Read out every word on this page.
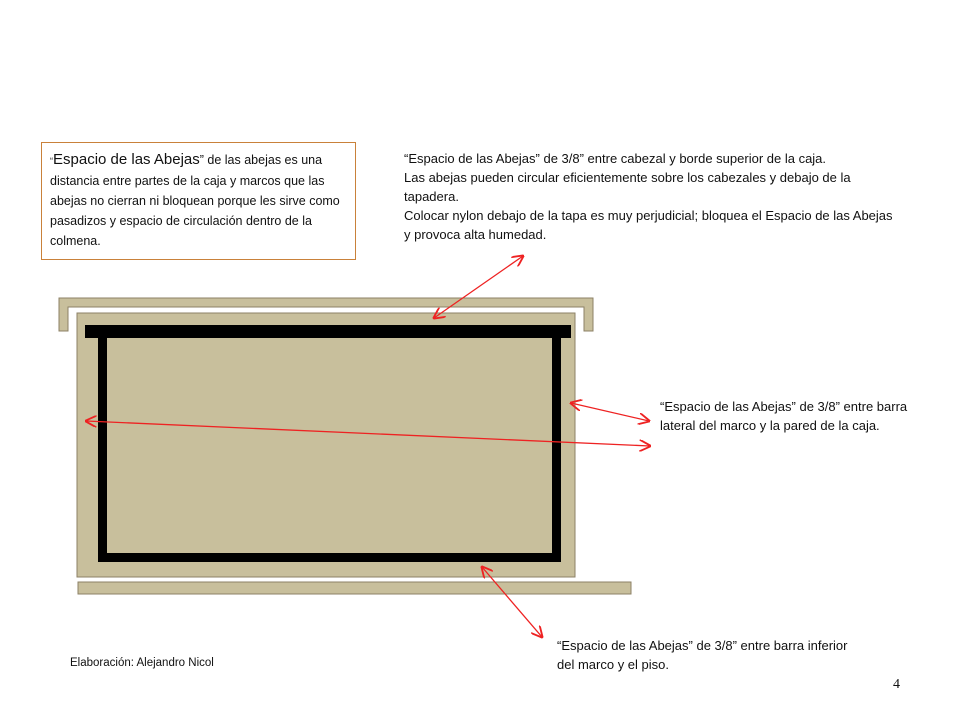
“Espacio de las Abejas” de las abejas es una distancia entre partes de la caja y marcos que las abejas no cierran ni bloquean porque les sirve como pasadizos y espacio de circulación dentro de la colmena.
“Espacio de las Abejas” de 3/8” entre cabezal y borde superior de la caja.
Las abejas pueden circular eficientemente sobre los cabezales y debajo de la tapadera.
Colocar nylon debajo de la tapa es muy perjudicial; bloquea el Espacio de las Abejas y provoca alta humedad.
“Espacio de las Abejas” de 3/8” entre barra lateral del marco y la pared de la caja.
“Espacio de las Abejas” de 3/8” entre barra inferior del marco y el piso.
Elaboración: Alejandro Nicol
4
